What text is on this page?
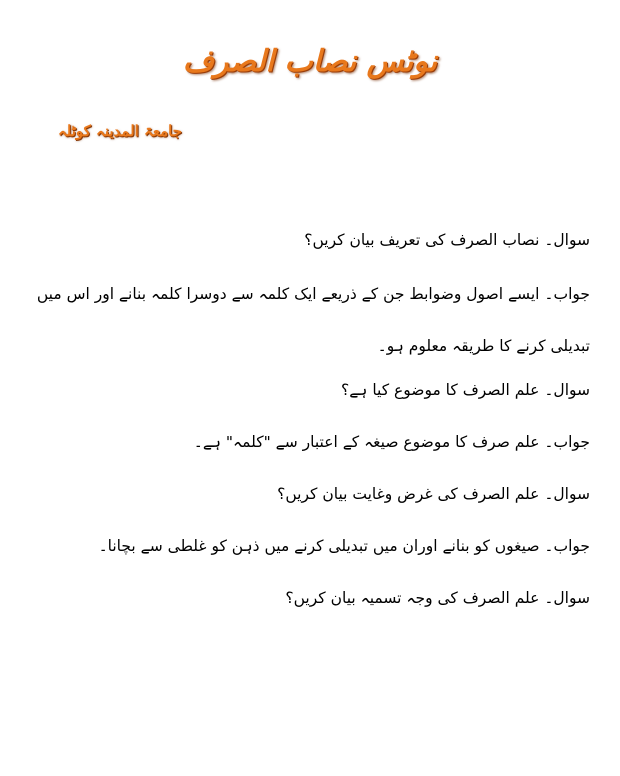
نوٹس نصاب الصرف
جامعۃ المدینہ کوٹلہ

سوال۔ نصاب الصرف کی تعریف بیان کریں؟

جواب۔ ایسے اصول وضوابط جن کے ذریعے ایک کلمہ سے دوسرا کلمہ بنانے اور اس میں تبدیلی کرنے کا طریقہ معلوم ہو۔

سوال۔ علم الصرف کا موضوع کیا ہے؟

جواب۔ علم صرف کا موضوع صیغہ کے اعتبار سے "کلمہ" ہے۔

سوال۔ علم الصرف کی غرض وغایت بیان کریں؟

جواب۔ صیغوں کو بنانے اوران میں تبدیلی کرنے میں ذہن کو غلطی سے بچانا۔

سوال۔ علم الصرف کی وجہ تسمیہ بیان کریں؟
